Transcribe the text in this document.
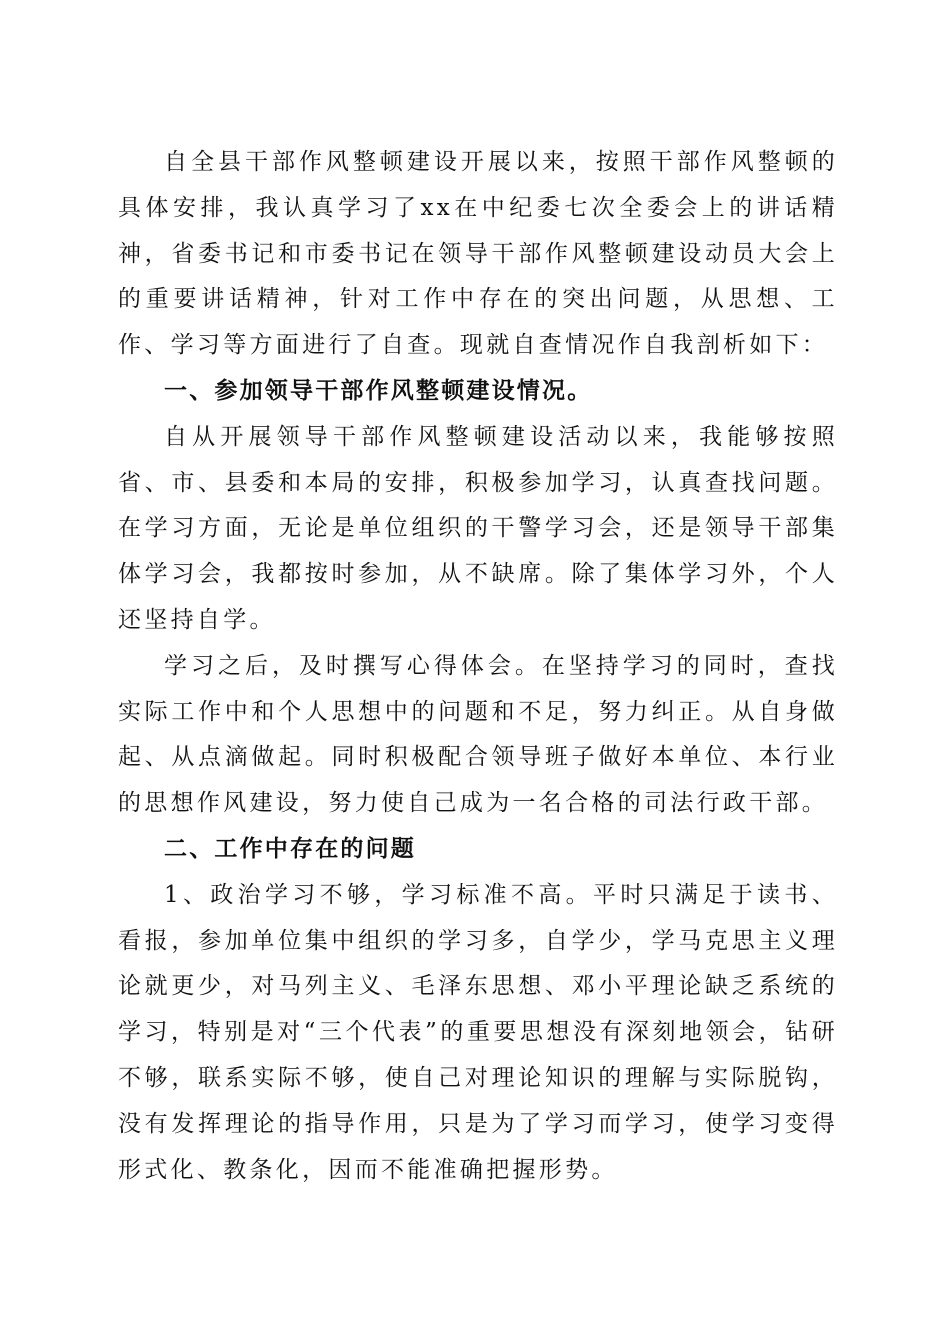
自全县干部作风整顿建设开展以来，按照干部作风整顿的具体安排，我认真学习了xx在中纪委七次全委会上的讲话精神，省委书记和市委书记在领导干部作风整顿建设动员大会上的重要讲话精神，针对工作中存在的突出问题，从思想、工作、学习等方面进行了自查。现就自查情况作自我剖析如下：

一、参加领导干部作风整顿建设情况。

自从开展领导干部作风整顿建设活动以来，我能够按照省、市、县委和本局的安排，积极参加学习，认真查找问题。在学习方面，无论是单位组织的干警学习会，还是领导干部集体学习会，我都按时参加，从不缺席。除了集体学习外，个人还坚持自学。

学习之后，及时撰写心得体会。在坚持学习的同时，查找实际工作中和个人思想中的问题和不足，努力纠正。从自身做起、从点滴做起。同时积极配合领导班子做好本单位、本行业的思想作风建设，努力使自己成为一名合格的司法行政干部。

二、工作中存在的问题

1、政治学习不够，学习标准不高。平时只满足于读书、看报，参加单位集中组织的学习多，自学少，学马克思主义理论就更少，对马列主义、毛泽东思想、邓小平理论缺乏系统的学习，特别是对“三个代表”的重要思想没有深刻地领会，钻研不够，联系实际不够，使自己对理论知识的理解与实际脱钩，没有发挥理论的指导作用，只是为了学习而学习，使学习变得形式化、教条化，因而不能准确把握形势。
